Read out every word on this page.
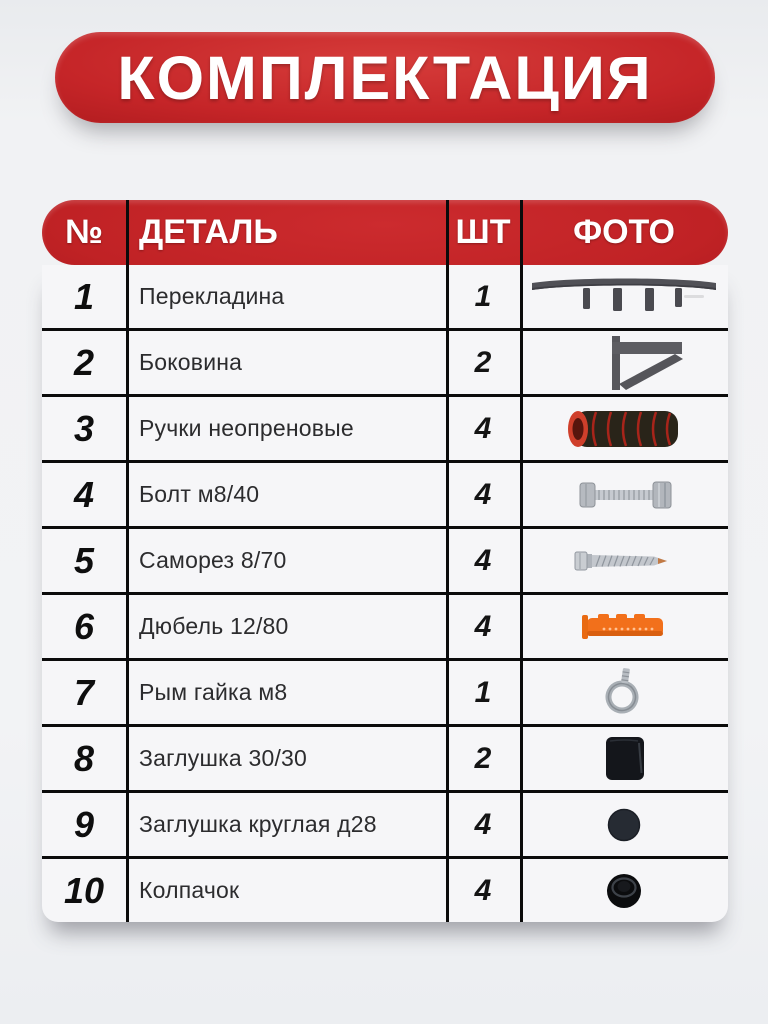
КОМПЛЕКТАЦИЯ
№	ДЕТАЛЬ	ШТ	ФОТО
1	Перекладина	1
2	Боковина	2
3	Ручки неопреновые	4
4	Болт м8/40	4
5	Саморез 8/70	4
6	Дюбель 12/80	4
7	Рым гайка м8	1
8	Заглушка 30/30	2
9	Заглушка круглая д28	4
10	Колпачок	4
